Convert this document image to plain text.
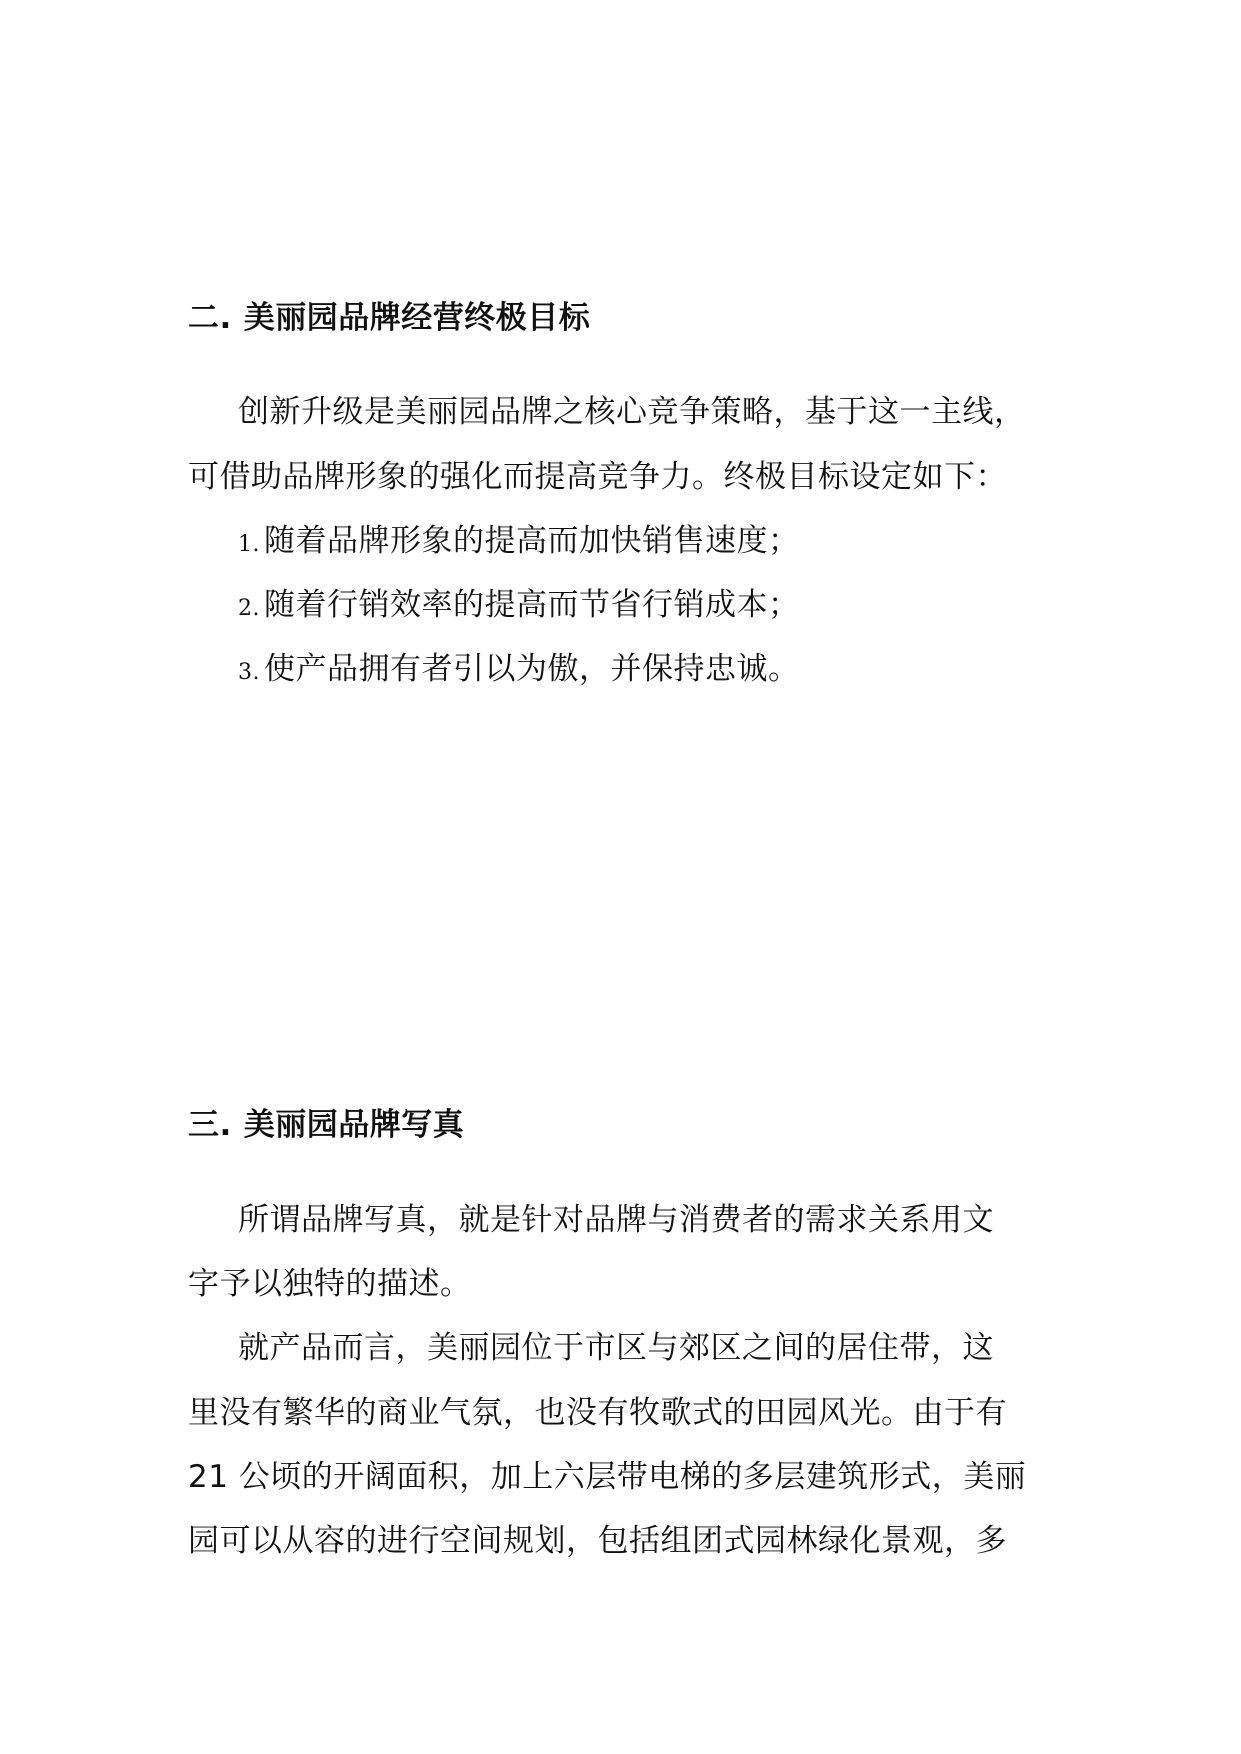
二. 美丽园品牌经营终极目标
创新升级是美丽园品牌之核心竞争策略，基于这一主线，
可借助品牌形象的强化而提高竞争力。终极目标设定如下：
1. 随着品牌形象的提高而加快销售速度；
2. 随着行销效率的提高而节省行销成本；
3. 使产品拥有者引以为傲，并保持忠诚。
三. 美丽园品牌写真
所谓品牌写真，就是针对品牌与消费者的需求关系用文
字予以独特的描述。
就产品而言，美丽园位于市区与郊区之间的居住带，这
里没有繁华的商业气氛，也没有牧歌式的田园风光。由于有
21 公顷的开阔面积，加上六层带电梯的多层建筑形式，美丽
园可以从容的进行空间规划，包括组团式园林绿化景观，多
